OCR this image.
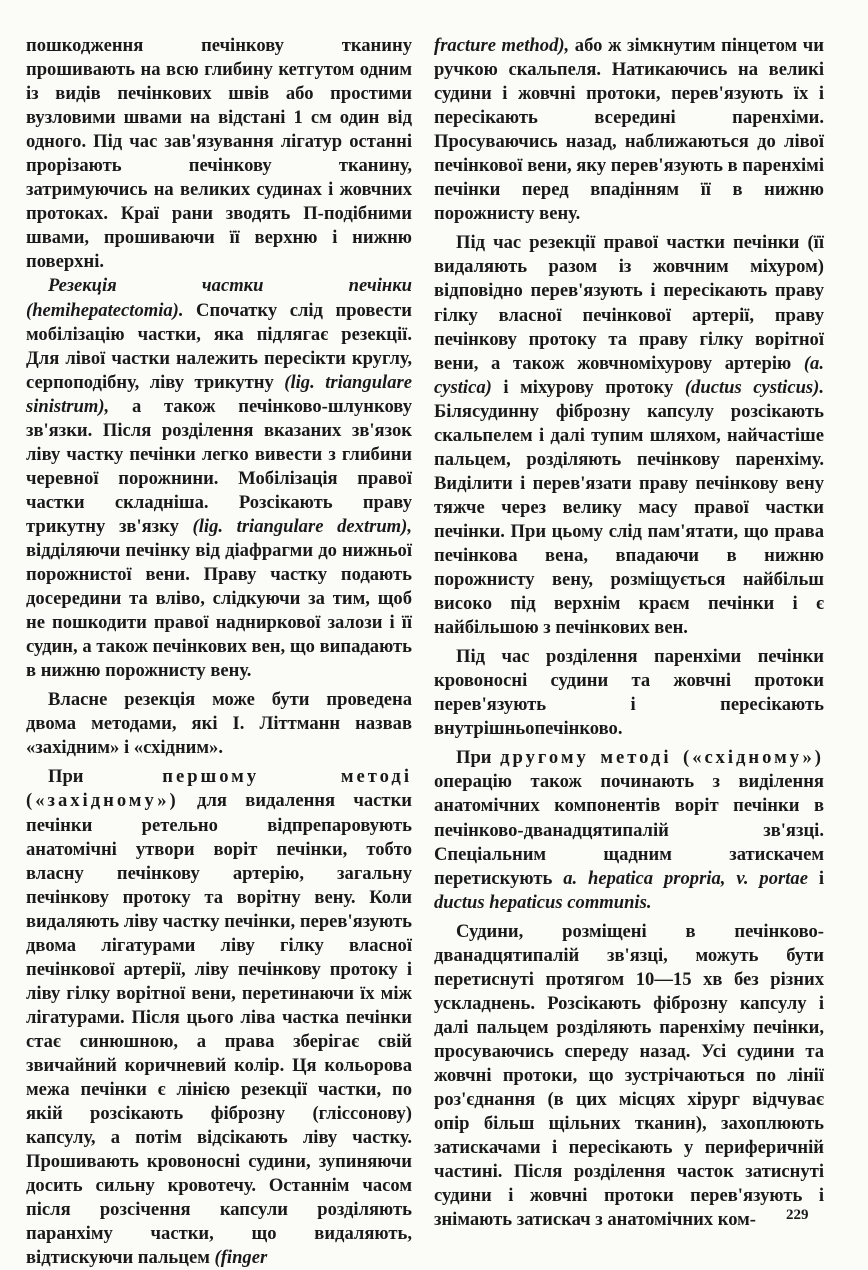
пошкодження печінкову тканину прошивають на всю глибину кетгутом одним із видів печінкових швів або простими вузловими швами на відстані 1 см один від одного. Під час зав'язування лігатур останні прорізають печінкову тканину, затримуючись на великих судинах і жовчних протоках. Краї рани зводять П-подібними швами, прошиваючи її верхню і нижню поверхні.

Резекція частки печінки (hemihepatectomia). Спочатку слід провести мобілізацію частки, яка підлягає резекції. Для лівої частки належить пересікти круглу, серпоподібну, ліву трикутну (lig. triangulare sinistrum), а також печінково-шлункову зв'язки. Після розділення вказаних зв'язок ліву частку печінки легко вивести з глибини черевної порожнини. Мобілізація правої частки складніша. Розсікають праву трикутну зв'язку (lig. triangulare dextrum), відділяючи печінку від діафрагми до нижньої порожнистої вени. Праву частку подають досередини та вліво, слідкуючи за тим, щоб не пошкодити правої надниркової залози і її судин, а також печінкових вен, що випадають в нижню порожнисту вену.

Власне резекція може бути проведена двома методами, які І. Літтманн назвав «західним» і «східним».

При першому методі («західному») для видалення частки печінки ретельно відпрепаровують анатомічні утвори воріт печінки, тобто власну печінкову артерію, загальну печінкову протоку та ворітну вену. Коли видаляють ліву частку печінки, перев'язують двома лігатурами ліву гілку власної печінкової артерії, ліву печінкову протоку і ліву гілку ворітної вени, перетинаючи їх між лігатурами. Після цього ліва частка печінки стає синюшною, а права зберігає свій звичайний коричневий колір. Ця кольорова межа печінки є лінією резекції частки, по якій розсікають фіброзну (гліссонову) капсулу, а потім відсікають ліву частку. Прошивають кровоносні судини, зупиняючи досить сильну кровотечу. Останнім часом після розсічення капсули розділяють паранхіму частки, що видаляють, відтискуючи пальцем (finger

fracture method), або ж зімкнутим пінцетом чи ручкою скальпеля. Натикаючись на великі судини і жовчні протоки, перев'язують їх і пересікають всередині паренхіми. Просуваючись назад, наближаються до лівої печінкової вени, яку перев'язують в паренхімі печінки перед впадінням її в нижню порожнисту вену.

Під час резекції правої частки печінки (її видаляють разом із жовчним міхуром) відповідно перев'язують і пересікають праву гілку власної печінкової артерії, праву печінкову протоку та праву гілку ворітної вени, а також жовчноміхурову артерію (a. cystica) і міхурову протоку (ductus cysticus). Білясудинну фіброзну капсулу розсікають скальпелем і далі тупим шляхом, найчастіше пальцем, розділяють печінкову паренхіму. Виділити і перев'язати праву печінкову вену тяжче через велику масу правої частки печінки. При цьому слід пам'ятати, що права печінкова вена, впадаючи в нижню порожнисту вену, розміщується найбільш високо під верхнім краєм печінки і є найбільшою з печінкових вен.

Під час розділення паренхіми печінки кровоносні судини та жовчні протоки перев'язують і пересікають внутрішньопечінково.

При другому методі («східному») операцію також починають з виділення анатомічних компонентів воріт печінки в печінково-дванадцятипалій зв'язці. Спеціальним щадним затискачем перетискують a. hepatica propria, v. portae і ductus hepaticus communis.

Судини, розміщені в печінково-дванадцятипалій зв'язці, можуть бути перетиснуті протягом 10—15 хв без різних ускладнень. Розсікають фіброзну капсулу і далі пальцем розділяють паренхіму печінки, просуваючись спереду назад. Усі судини та жовчні протоки, що зустрічаються по лінії роз'єднання (в цих місцях хірург відчуває опір більш щільних тканин), захоплюють затискачами і пересікають у периферичній частині. Після розділення часток затиснуті судини і жовчні протоки перев'язують і знімають затискач з анатомічних ком-	229
